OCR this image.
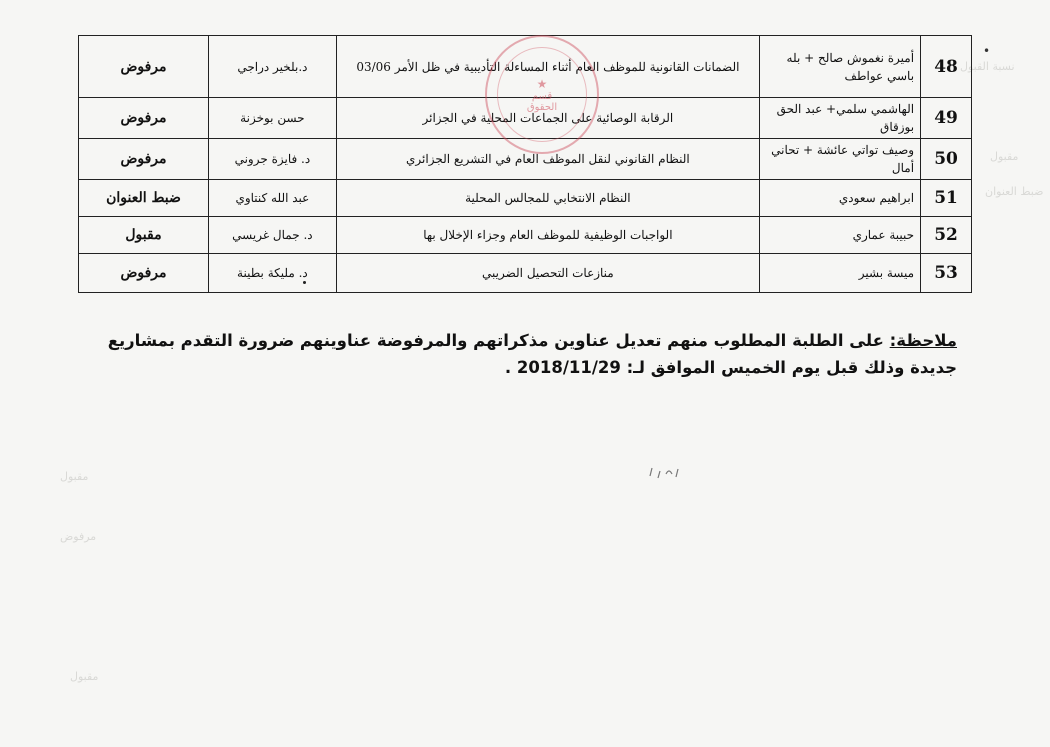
نسبة القبول
مقبول
ضبط العنوان
مقبول
مرفوض
مقبول
48	أميرة نغموش صالح + بله باسي عواطف	الضمانات القانونية للموظف العام أثناء المساءلة التأديبية في ظل الأمر 03/06	د.بلخير دراجي	مرفوض
49	الهاشمي سلمي+ عبد الحق بوزقاق	الرقابة الوصائية على الجماعات المحلية في الجزائر	حسن بوخزنة	مرفوض
50	وصيف تواتي عائشة + تحاني أمال	النظام القانوني لنقل الموظف العام في التشريع الجزائري	د. فايزة جروني	مرفوض
51	ابراهيم سعودي	النظام الانتخابي للمجالس المحلية	عبد الله كنتاوي	ضبط العنوان
52	حبيبة عماري	الواجبات الوظيفية للموظف العام وجزاء الإخلال بها	د. جمال غريسي	مقبول
53	ميسة بشير	منازعات التحصيل الضريبي	د. مليكة بطينة	مرفوض
★
قسم
الحقوق
•
ملاحظة: على الطلبة المطلوب منهم تعديل عناوين مذكراتهم والمرفوضة عناوينهم ضرورة التقدم بمشاريع جديدة وذلك قبل يوم الخميس الموافق لـ: 2018/11/29 .
